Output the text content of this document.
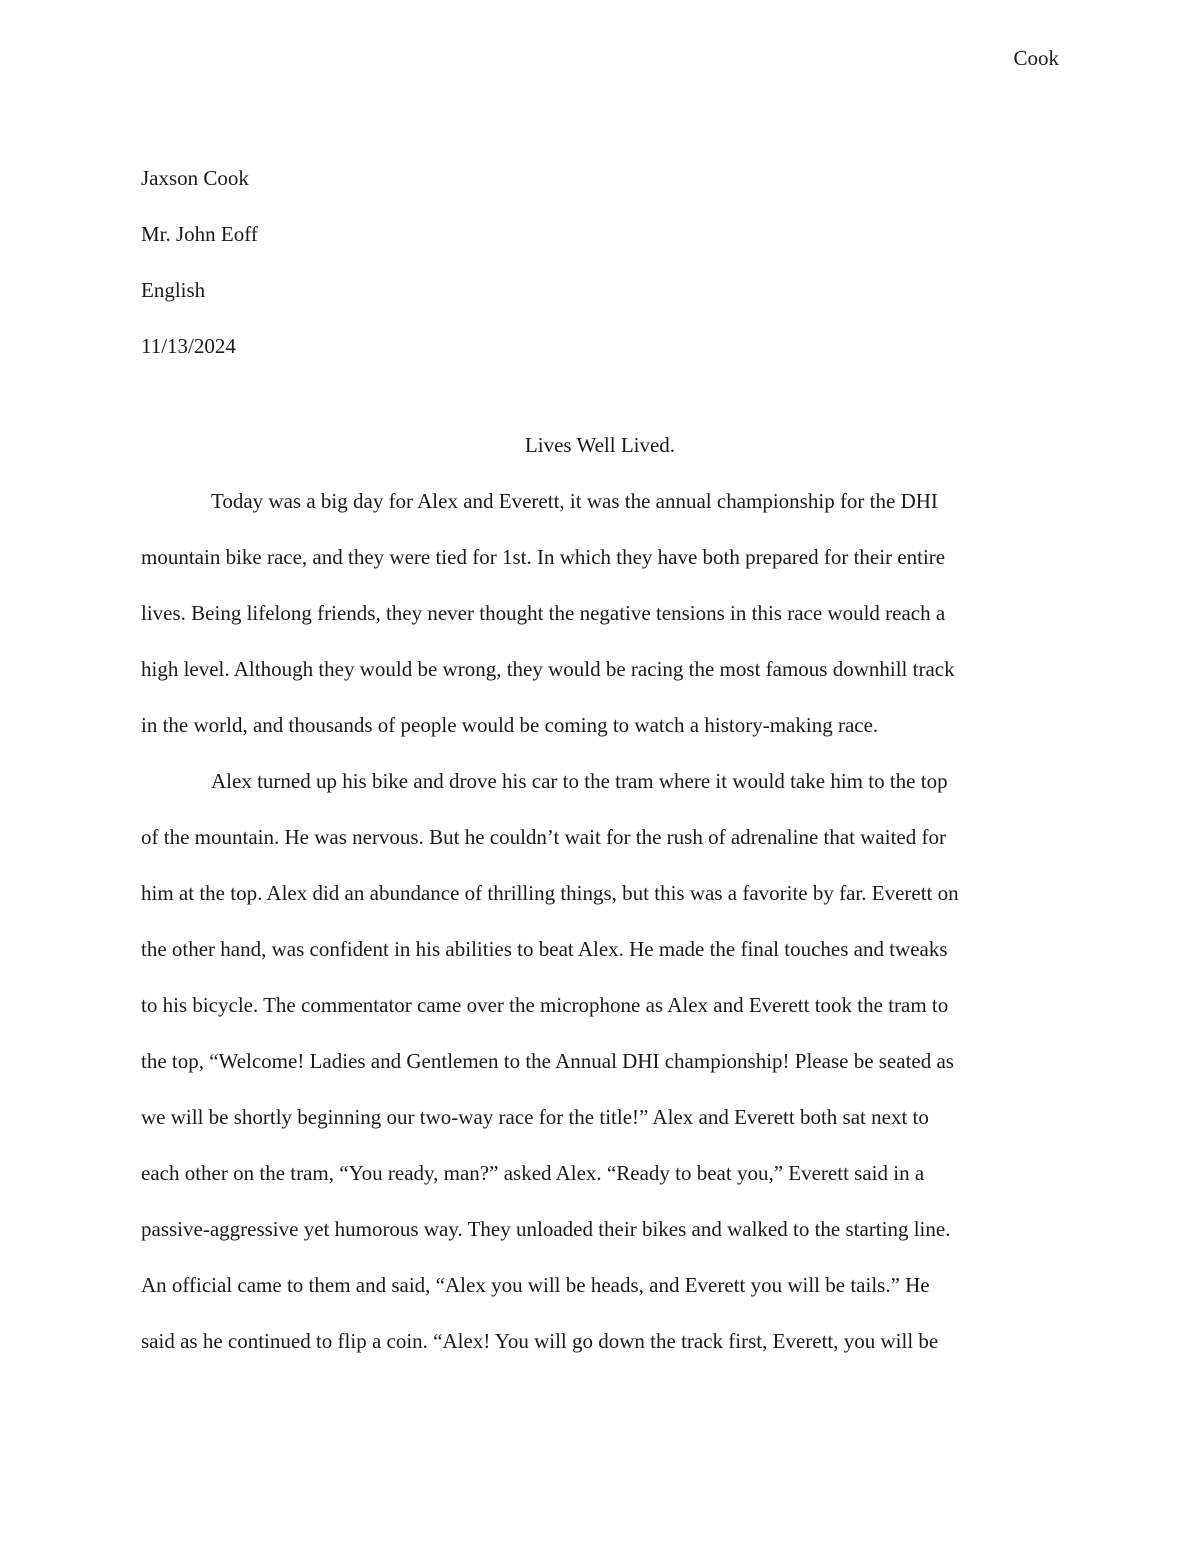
Cook
Jaxson Cook
Mr. John Eoff
English
11/13/2024
Lives Well Lived.

Today was a big day for Alex and Everett, it was the annual championship for the DHI
mountain bike race, and they were tied for 1st. In which they have both prepared for their entire
lives. Being lifelong friends, they never thought the negative tensions in this race would reach a
high level. Although they would be wrong, they would be racing the most famous downhill track
in the world, and thousands of people would be coming to watch a history-making race.

Alex turned up his bike and drove his car to the tram where it would take him to the top
of the mountain. He was nervous. But he couldn’t wait for the rush of adrenaline that waited for
him at the top. Alex did an abundance of thrilling things, but this was a favorite by far. Everett on
the other hand, was confident in his abilities to beat Alex. He made the final touches and tweaks
to his bicycle. The commentator came over the microphone as Alex and Everett took the tram to
the top, “Welcome! Ladies and Gentlemen to the Annual DHI championship! Please be seated as
we will be shortly beginning our two-way race for the title!” Alex and Everett both sat next to
each other on the tram, “You ready, man?” asked Alex. “Ready to beat you,” Everett said in a
passive-aggressive yet humorous way. They unloaded their bikes and walked to the starting line.
An official came to them and said, “Alex you will be heads, and Everett you will be tails.” He
said as he continued to flip a coin. “Alex! You will go down the track first, Everett, you will be
